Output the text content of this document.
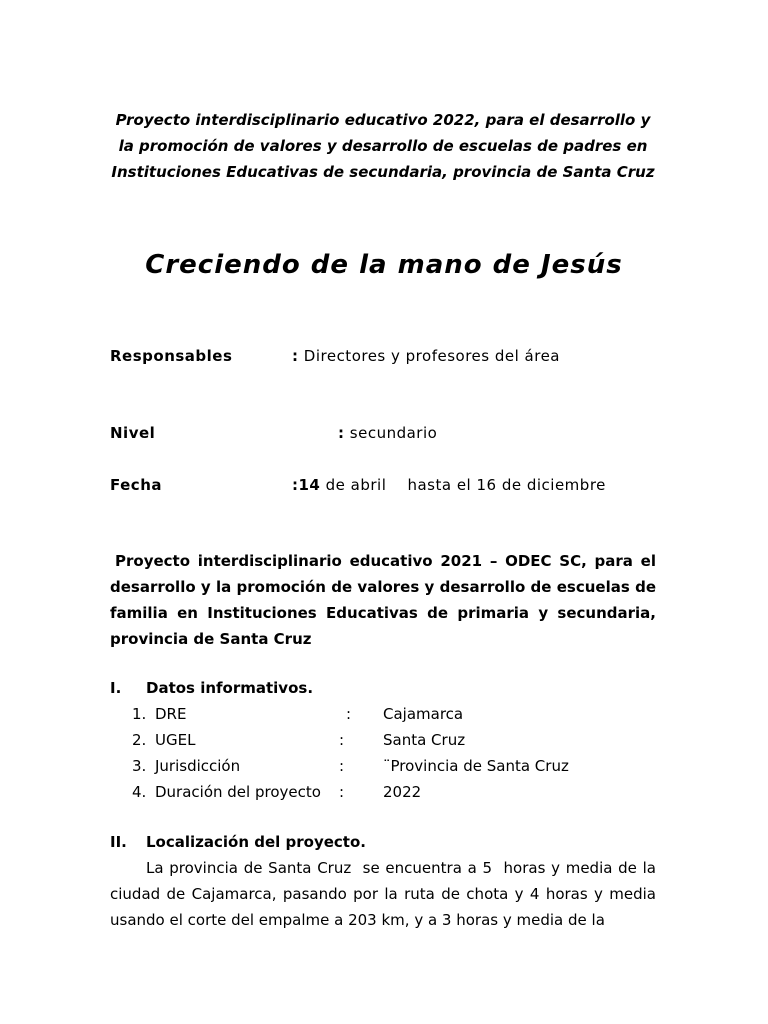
Proyecto interdisciplinario educativo 2022, para el desarrollo y la promoción de valores y desarrollo de escuelas de padres en Instituciones Educativas de secundaria, provincia de Santa Cruz
Creciendo de la mano de Jesús
Responsables	: Directores y profesores del área
Nivel	: secundario
Fecha	:14 de abril    hasta el 16 de diciembre
Proyecto interdisciplinario educativo 2021 – ODEC SC, para el desarrollo y la promoción de valores y desarrollo de escuelas de familia en Instituciones Educativas de primaria y secundaria, provincia de Santa Cruz
I. Datos informativos.
1. DRE	: Cajamarca
2. UGEL	:	Santa Cruz
3. Jurisdicción	:	¨Provincia de Santa Cruz
4. Duración del proyecto :	2022
II. Localización del proyecto.
La provincia de Santa Cruz  se encuentra a 5  horas y media de la ciudad de Cajamarca, pasando por la ruta de chota y 4 horas y media usando el corte del empalme a 203 km, y a 3 horas y media de la
